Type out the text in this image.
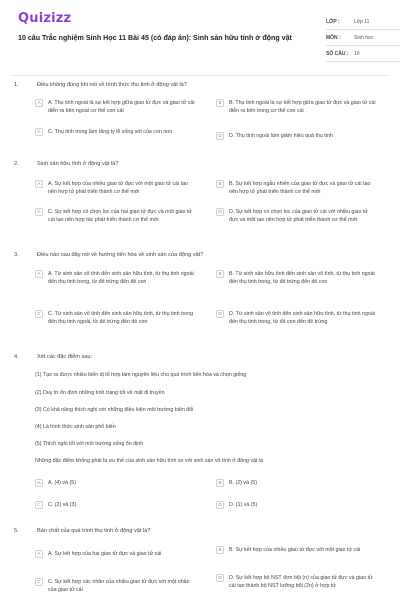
Quizizz
10 câu Trắc nghiệm Sinh Học 11 Bài 45 (có đáp án): Sinh sản hữu tính ở động vật
LỚP :	Lớp 11
MÔN :	Sinh học
SỐ CÂU :	10
1.	Điều không đúng khi nói về hình thức thụ tinh ở động vật là?
A	A. Thụ tinh ngoài là sự kết hợp giữa giao tử đực và giao tử cái diễn ra bên ngoài cơ thể con cái
B	B. Thụ tinh ngoài là sự kết hợp giữa giao tử đực và giao tử cái diễn ra bên trong cơ thể con cái
C	C. Thụ tinh trong làm tăng tỷ lệ sống sót của con non
D	D. Thụ tinh ngoài làm giảm hiệu quả thụ tinh
2.	Sinh sản hữu tính ở động vật là?
A	A. Sự kết hợp của nhiều giao tử đực với một giao tử cái tạo nên hợp tử phát triển thành cơ thể mới
B	B. Sự kết hợp ngẫu nhiên của giao tử đực và giao tử cái tạo nên hợp tử phát triển thành cơ thể mới
C	C. Sự kết hợp có chọn lọc của hai giao tử đực và một giao tử cái tạo nên hợp tác phát triển thành cơ thể mới
D	D. Sự kết hợp có chọn lọc của giao tử cái với nhiều giao tử đực và một tạo nên hợp tử phát triển thành cơ thể mới
3.	Điều nào sau đây nói về hướng tiến hóa về sinh sản của động vật?
A	A. Từ sinh sản vô tính đến sinh sản hữu tính, từ thụ tinh ngoài đến thụ tinh trong, từ đẻ trứng đến đẻ con
B	B. Từ sinh sản hữu tính đến sinh sản vô tính, từ thụ tinh ngoài đến thụ tinh trong, từ đẻ trứng đến đẻ con
C	C. Từ sinh sản vô tính đến sinh sản hữu tính, từ thụ tinh trong đến thụ tinh ngoài, từ đẻ trứng đến đẻ con
D	D. Từ sinh sản vô tính đến sinh sản hữu tính, từ thụ tinh ngoài đến thụ tinh trong, từ đẻ con đến đẻ trứng
4.	Xét các đặc điểm sau:
(1) Tạo ra được nhiều biến dị tổ hợp làm nguyên liệu cho quá trình tiến hóa và chọn giống
(2) Duy trì ổn định những tính trạng tốt về mặt di truyền
(3) Có khả năng thích nghi với những điều kiện môi trường biến đổi
(4) Là hình thức sinh sản phổ biến
(5) Thích nghi tốt với môi trường sống ổn định
Những đặc điểm không phải là ưu thế của sinh sản hữu tính so với sinh sản vô tính ở động vật là
A	A. (4) và (5)	B	B. (2) và (5)
C	C. (2) và (3)	D	D. (1) và (5)
5.	Bản chất của quá trình thụ tinh ở động vật là?
A	A. Sự kết hợp của hai giao tử đực và giao tử cái
B	B. Sự kết hợp của nhiều giao tử đực với một giao tử cái
C	C. Sự kết hợp các nhân của nhiều giao tử đực với một nhân của giao tử cái
D	D. Sự kết hợp bộ NST đơn bội (n) của giao tử đực và giao tử cái tạo thành bộ NST lưỡng bội (2n) ở hợp tử
